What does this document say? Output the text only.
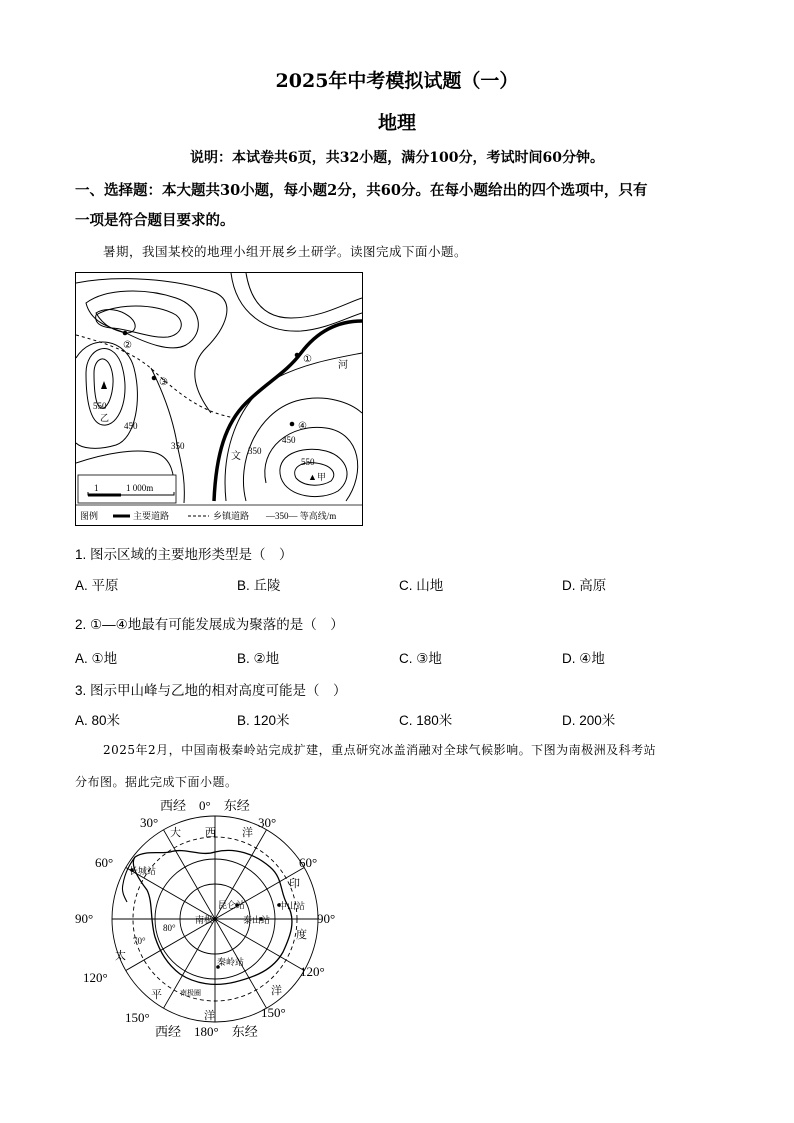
2025年中考模拟试题（一）
地理
说明：本试卷共6页，共32小题，满分100分，考试时间60分钟。
一、选择题：本大题共30小题，每小题2分，共60分。在每小题给出的四个选项中，只有
一项是符合题目要求的。
暑期，我国某校的地理小组开展乡土研学。读图完成下面小题。
②
①
③
④
河
文
550
乙
450
350	350
450
550
▲甲
1	1 000m
图例	主要道路	乡镇道路 —350— 等高线/m
1. 图示区域的主要地形类型是（　）
A. 平原	B. 丘陵	C. 山地	D. 高原
2. ①—④地最有可能发展成为聚落的是（　）
A. ①地	B. ②地	C. ③地	D. ④地
3. 图示甲山峰与乙地的相对高度可能是（　）
A. 80米	B. 120米	C. 180米	D. 200米
2025年2月，中国南极秦岭站完成扩建，重点研究冰盖消融对全球气候影响。下图为南极洲及科考站
分布图。据此完成下面小题。
长城站
昆仑站	中山站
泰山站
秦岭站
南极
70°
80°
南极圈
西经　0°　东经
西经　180°　东经
30°	30°
60°	60°
90°	90°
120°	120°
150°	150°
大 西 洋
印
度
洋
平
洋
太
